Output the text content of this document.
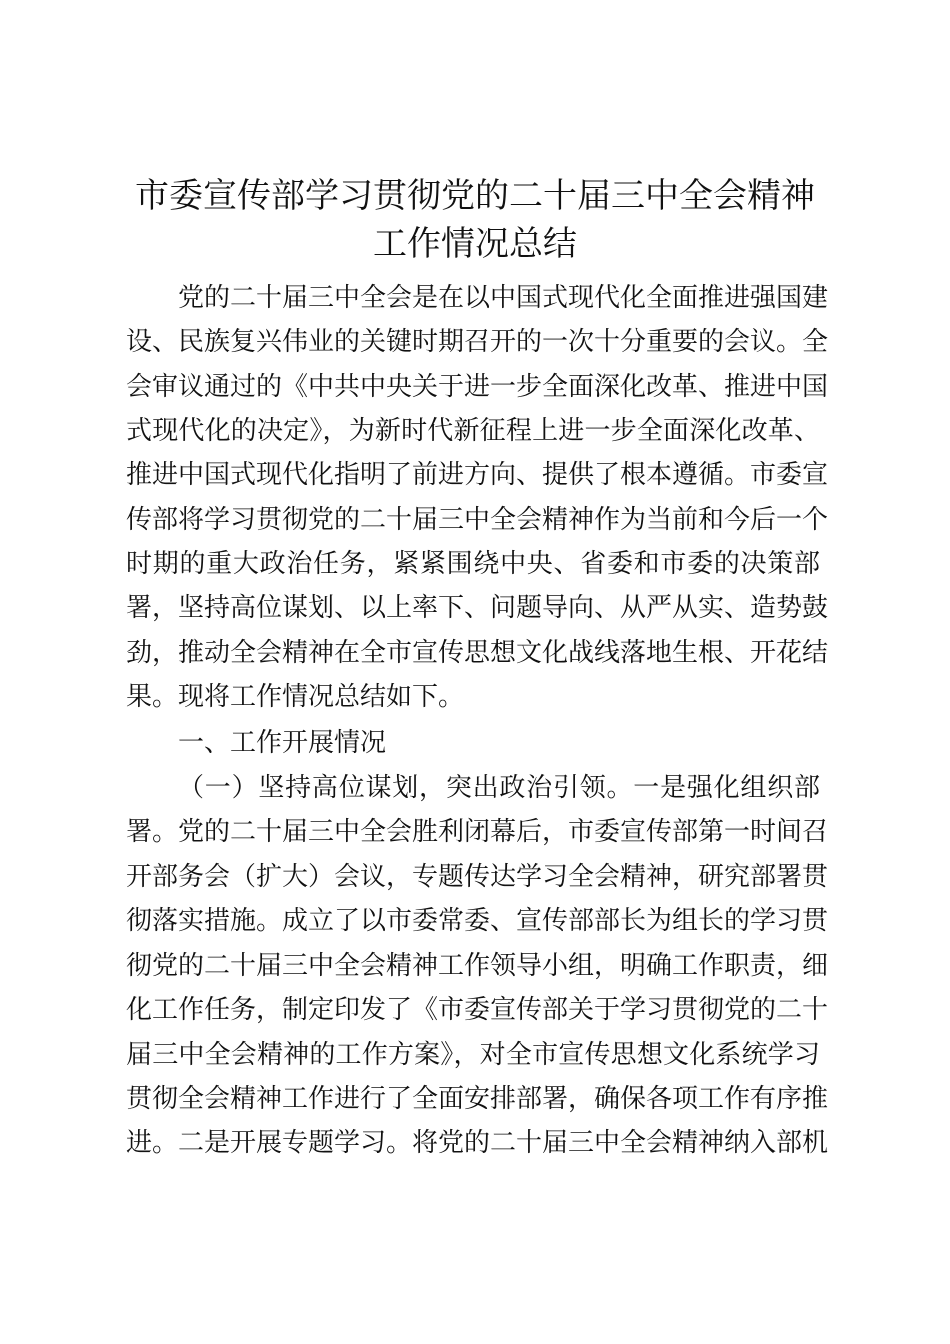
市委宣传部学习贯彻党的二十届三中全会精神
工作情况总结

党的二十届三中全会是在以中国式现代化全面推进强国建

设、民族复兴伟业的关键时期召开的一次十分重要的会议。全

会审议通过的《中共中央关于进一步全面深化改革、推进中国

式现代化的决定》，为新时代新征程上进一步全面深化改革、

推进中国式现代化指明了前进方向、提供了根本遵循。市委宣

传部将学习贯彻党的二十届三中全会精神作为当前和今后一个

时期的重大政治任务，紧紧围绕中央、省委和市委的决策部

署，坚持高位谋划、以上率下、问题导向、从严从实、造势鼓

劲，推动全会精神在全市宣传思想文化战线落地生根、开花结

果。现将工作情况总结如下。

一、工作开展情况

（一）坚持高位谋划，突出政治引领。一是强化组织部

署。党的二十届三中全会胜利闭幕后，市委宣传部第一时间召

开部务会（扩大）会议，专题传达学习全会精神，研究部署贯

彻落实措施。成立了以市委常委、宣传部部长为组长的学习贯

彻党的二十届三中全会精神工作领导小组，明确工作职责，细

化工作任务，制定印发了《市委宣传部关于学习贯彻党的二十

届三中全会精神的工作方案》，对全市宣传思想文化系统学习

贯彻全会精神工作进行了全面安排部署，确保各项工作有序推

进。二是开展专题学习。将党的二十届三中全会精神纳入部机
